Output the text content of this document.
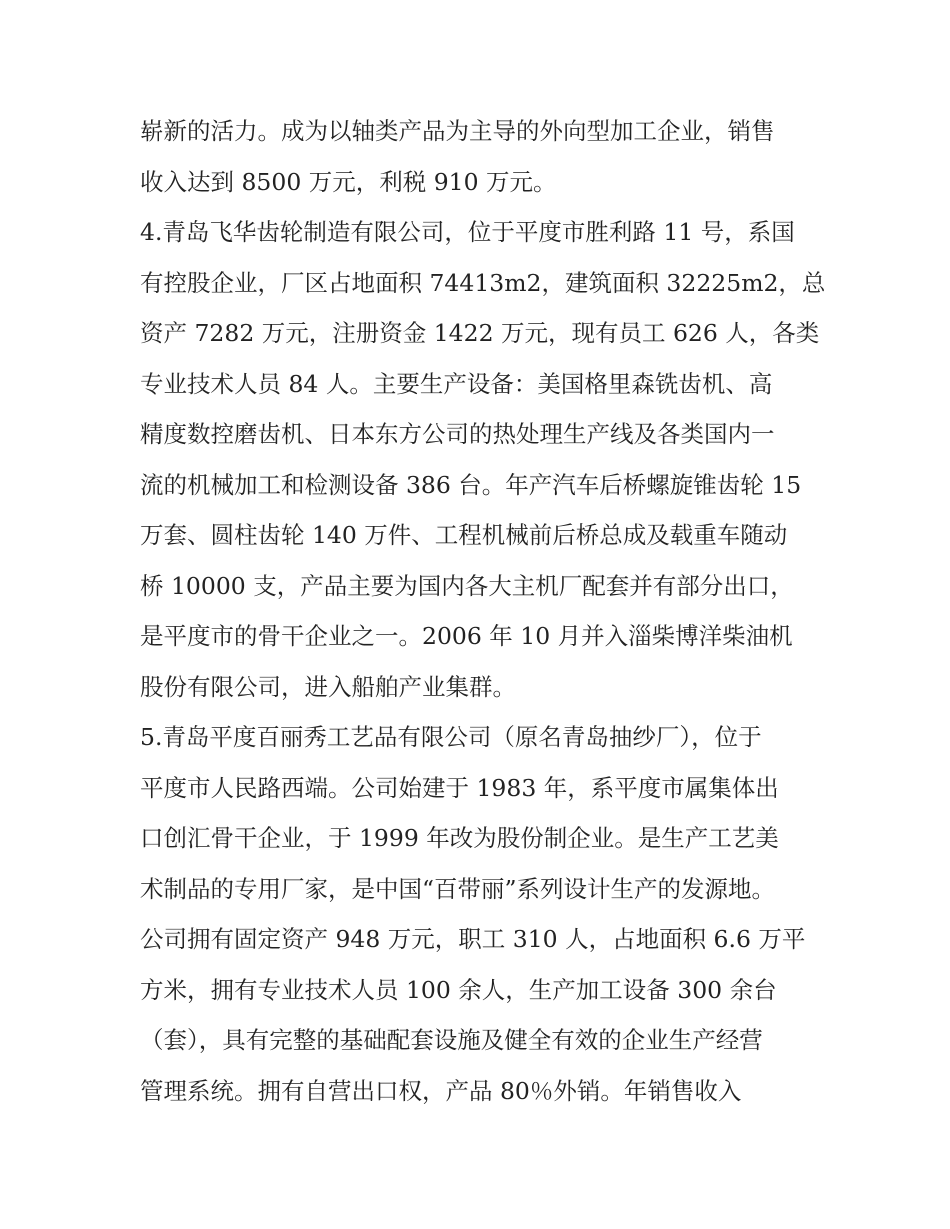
崭新的活力。成为以轴类产品为主导的外向型加工企业，销售
收入达到 8500 万元，利税 910 万元。
4.青岛飞华齿轮制造有限公司，位于平度市胜利路 11 号，系国
有控股企业，厂区占地面积 74413m2，建筑面积 32225m2，总
资产 7282 万元，注册资金 1422 万元，现有员工 626 人，各类
专业技术人员 84 人。主要生产设备：美国格里森铣齿机、高
精度数控磨齿机、日本东方公司的热处理生产线及各类国内一
流的机械加工和检测设备 386 台。年产汽车后桥螺旋锥齿轮 15
万套、圆柱齿轮 140 万件、工程机械前后桥总成及载重车随动
桥 10000 支，产品主要为国内各大主机厂配套并有部分出口，
是平度市的骨干企业之一。2006 年 10 月并入淄柴博洋柴油机
股份有限公司，进入船舶产业集群。
5.青岛平度百丽秀工艺品有限公司（原名青岛抽纱厂），位于
平度市人民路西端。公司始建于 1983 年，系平度市属集体出
口创汇骨干企业，于 1999 年改为股份制企业。是生产工艺美
术制品的专用厂家，是中国“百带丽”系列设计生产的发源地。
公司拥有固定资产 948 万元，职工 310 人，占地面积 6.6 万平
方米，拥有专业技术人员 100 余人，生产加工设备 300 余台
（套），具有完整的基础配套设施及健全有效的企业生产经营
管理系统。拥有自营出口权，产品 80％外销。年销售收入
